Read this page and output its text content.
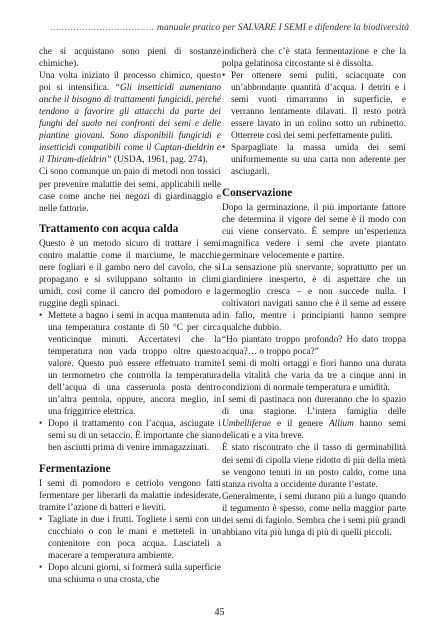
.................................... manuale pratico per SALVARE I SEMI e difendere la biodiversità

che si acquistano sono pieni di sostanze chimiche).

Una volta iniziato il processo chimico, questo poi si intensifica. “Gli insetticidi aumentano anche il bisogno di trattamenti fungicidi, perché tendono a favorire gli attacchi da parte dei funghi del suolo nei confronti dei semi e delle piantine giovani. Sono disponibili fungicidi e insetticidi compatibili come il Captan-dieldrin e il Thiram-dieldrin” (USDA, 1961, pag. 274).

Ci sono comunque un paio di metodi non tossici per prevenire malattie dei semi, applicabili nelle case come anche nei negozi di giardinaggio e nelle fattorie.

Trattamento con acqua calda

Questo è un metodo sicuro di trattare i semi contro malattie come il marciume, le macchie nere fogliari e il gambo nero del cavolo, che si propagano e si sviluppano soltanto in climi umidi, così come il cancro del pomodoro e la ruggine degli spinaci.

• Mettete a bagno i semi in acqua mantenuta ad una temperatura costante di 50 °C per circa venticinque minuti. Accertatevi che la temperatura non vada troppo oltre questo valore. Questo può essere effettuato tramite un termometro che controlla la temperatura dell’acqua di una casseruola posta dentro un’altra pentola, oppure, ancora meglio, in una friggitrice elettrica.
• Dopo il trattamento con l’acqua, asciugate i semi su di un setaccio. È importante che siano ben asciutti prima di venire immagazzinati.
Fermentazione

I semi di pomodoro e cetriolo vengono fatti fermentare per liberarli da malattie indesiderate, tramite l’azione di batteri e lieviti.

• Tagliate in due i frutti. Togliete i semi con un cucchiaio o con le mani e metteteli in un contenitore con poca acqua. Lasciateli a macerare a temperatura ambiente.
• Dopo alcuni giorni, si formerà sulla superficie una schiuma o una crosta, che

indicherà che c’è stata fermentazione e che la polpa gelatinosa circostante si è dissolta.

• Per ottenere semi puliti, sciacquate con un’abbondante quantità d’acqua. I detriti e i semi vuoti rimarranno in superficie, e verranno lentamente dilavati. Il resto potrà essere lavato in un colino sotto un rubinetto. Otterrete così dei semi perfettamente puliti.
• Sparpagliate la massa umida dei semi uniformemente su una carta non aderente per asciugarli.
Conservazione

Dopo la germinazione, il più importante fattore che determina il vigore del seme è il modo con cui viene conservato. È sempre un’esperienza magnifica vedere i semi che avete piantato germinare velocemente e partire.

La sensazione più snervante, soprattutto per un giardiniere inesperto, è di aspettare che un germoglio cresca – e non succede nulla. I coltivatori navigati sanno che è il seme ad essere in fallo, mentre i principianti hanno sempre qualche dubbio.

“Ho piantato troppo profondo? Ho dato troppa acqua?… o troppo poca?”

I semi di molti ortaggi e fiori hanno una durata della vitalità che varia da tre a cinque anni in condizioni di normale temperatura e umidità.

I semi di pastinaca non dureranno che lo spazio di una stagione. L’intera famiglia delle Umbelliferae e il genere Allium hanno semi delicati e a vita breve.

È stato riscontrato che il tasso di germinabilità dei semi di cipolla viene ridotto di più della metà se vengono tenuti in un posto caldo, come una stanza rivolta a occidente durante l’estate.

Generalmente, i semi durano più a lungo quando il tegumento è spesso, come nella maggior parte dei semi di fagiolo. Sembra che i semi più grandi abbiano vita più lunga di più di quelli piccoli.

45
